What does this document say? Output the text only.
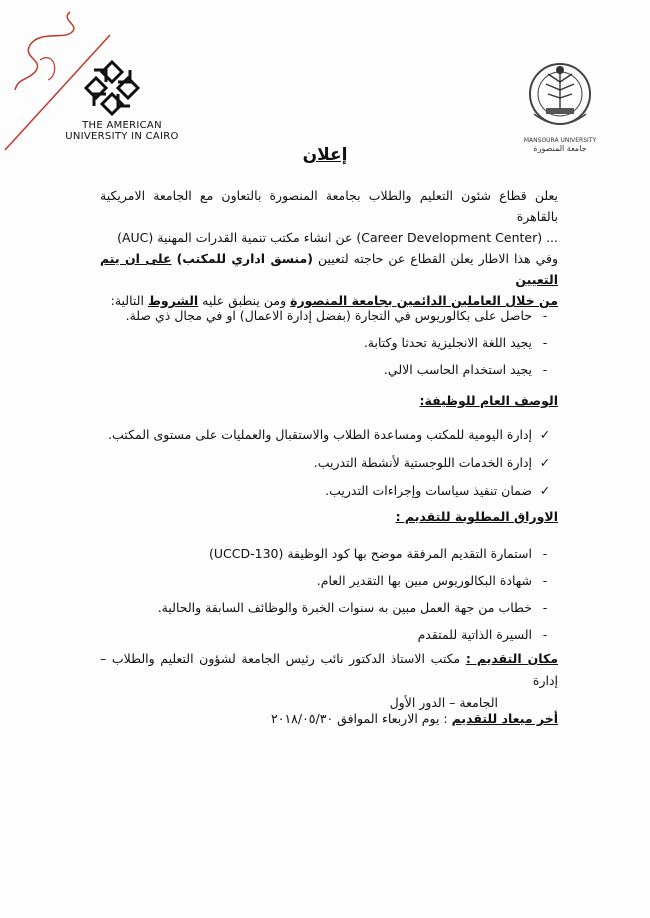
THE AMERICAN
UNIVERSITY IN CAIRO	MANSOURA UNIVERSITY
جامعة المنصورة
إعلان

يعلن قطاع شئون التعليم والطلاب بجامعة المنصورة بالتعاون مع الجامعة الامريكية بالقاهرة

(AUC) عن انشاء مكتب تنمية القدرات المهنية (Career Development Center) ...

وفي هذا الاطار يعلن القطاع عن حاجته لتعيين (منسق اداري للمكتب) على ان يتم التعيين

من خلال العاملين الدائمين بجامعة المنصورة ومن ينطبق عليه الشروط التالية:

-
حاصل على بكالوريوس في التجارة (بفضل إدارة الاعمال) او في مجال ذي صلة.
-
يجيد اللغة الانجليزية تحدثا وكتابة.
-
يجيد استخدام الحاسب الالي.

الوصف العام للوظيفة:

✓
إدارة اليومية للمكتب ومساعدة الطلاب والاستقبال والعمليات على مستوى المكتب.
✓
إدارة الخدمات اللوجستية لأنشطة التدريب.
✓
ضمان تنفيذ سياسات وإجراءات التدريب.

الاوراق المطلوبة للتقديم :

-
استمارة التقديم المرفقة موضح بها كود الوظيفة (UCCD-130)
-
شهادة البكالوريوس مبين بها التقدير العام.
-
خطاب من جهة العمل مبين به سنوات الخبرة والوظائف السابقة والحالية.
-
السيرة الذاتية للمتقدم

مكان التقديم : مكتب الاستاذ الدكتور نائب رئيس الجامعة لشؤون التعليم والطلاب – إدارة

الجامعة – الدور الأول

أخر ميعاد للتقديم : يوم الاربعاء الموافق ٢٠١٨/٠٥/٣٠
